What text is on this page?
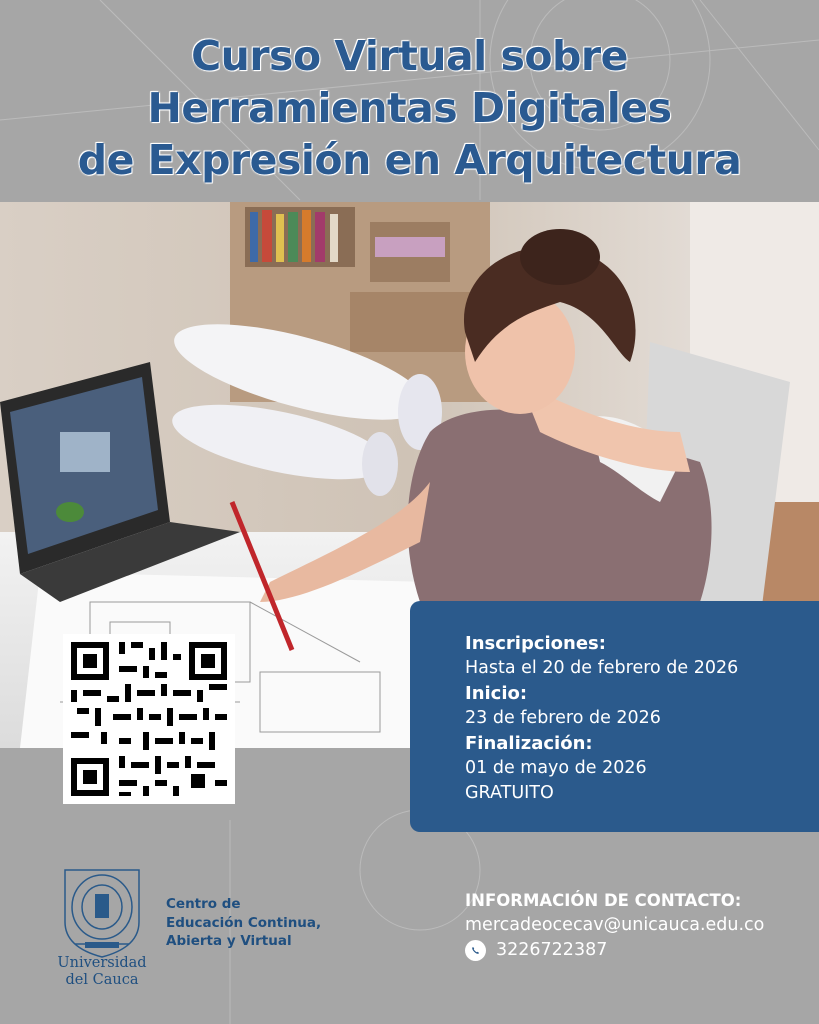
Curso Virtual sobre
Herramientas Digitales
de Expresión en Arquitectura
Inscripciones:
Hasta el 20 de febrero de 2026
Inicio:
23 de febrero de 2026
Finalización:
01 de mayo de 2026
GRATUITO
Universidad
del Cauca
Centro de
Educación Continua,
Abierta y Virtual
INFORMACIÓN DE CONTACTO:
mercadeocecav@unicauca.edu.co
3226722387
